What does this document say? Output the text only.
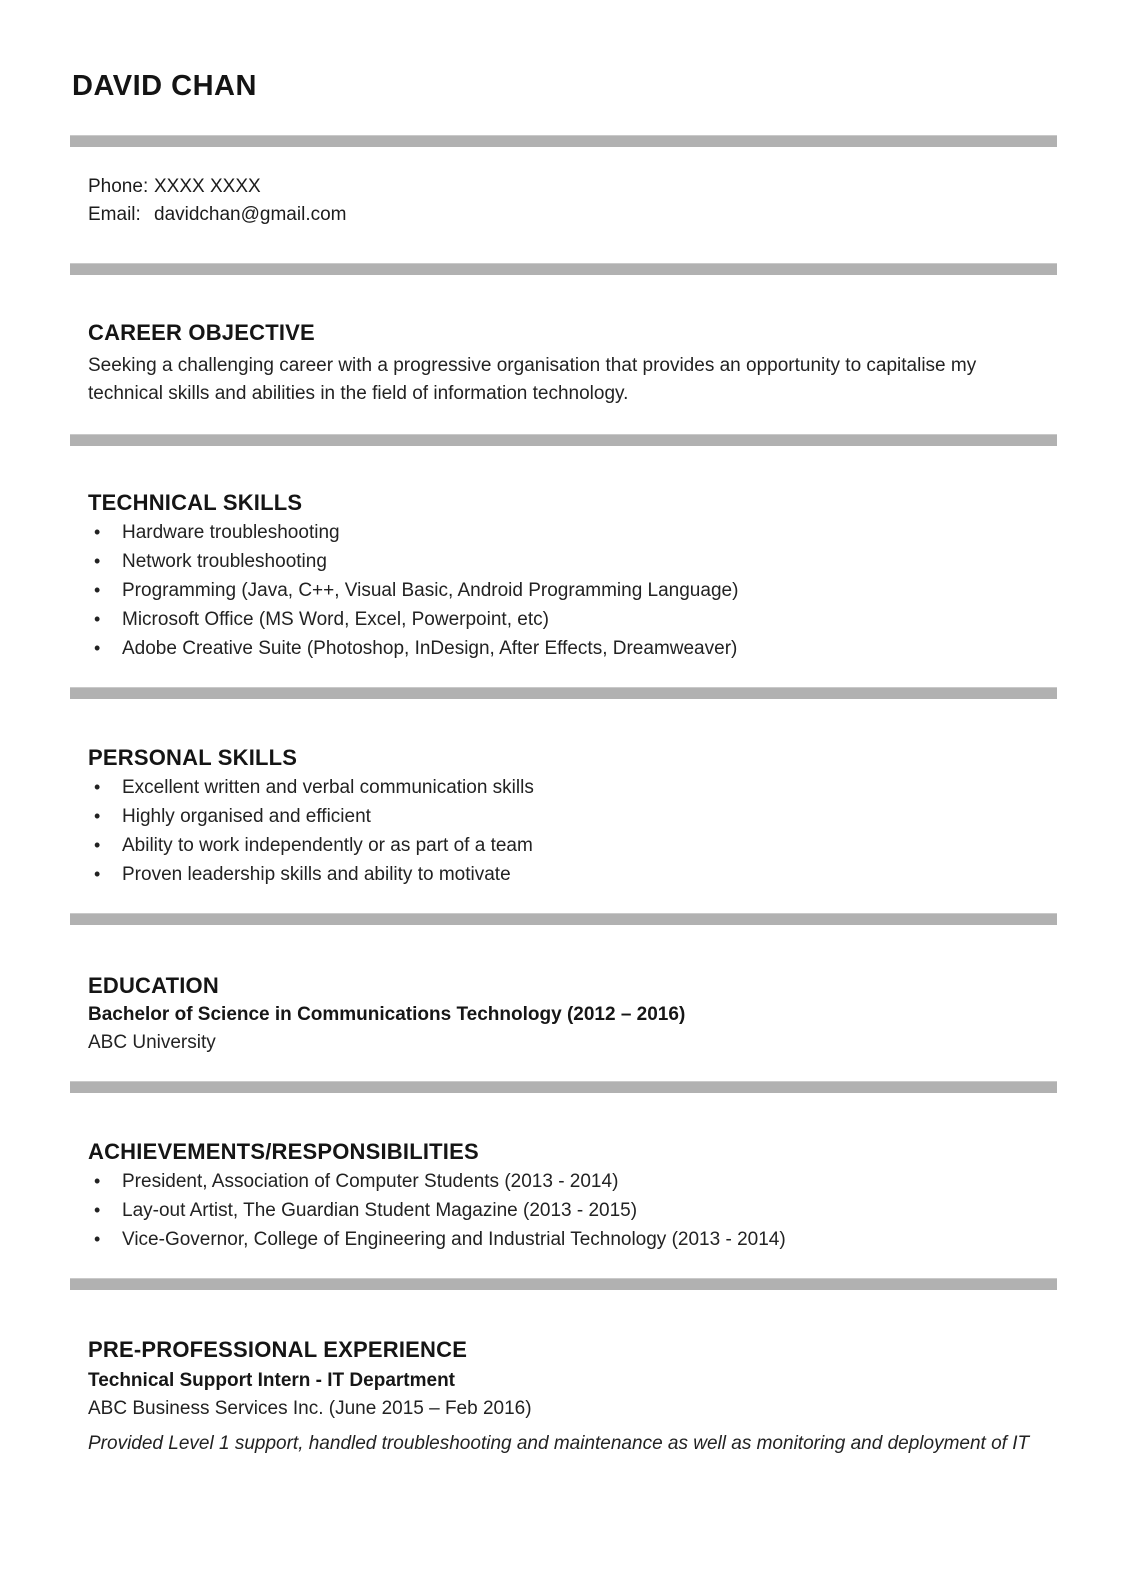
DAVID CHAN
Phone: XXXX XXXX
Email: davidchan@gmail.com
CAREER OBJECTIVE

Seeking a challenging career with a progressive organisation that provides an opportunity to capitalise my technical skills and abilities in the field of information technology.

TECHNICAL SKILLS
•	Hardware troubleshooting
•	Network troubleshooting
•	Programming (Java, C++, Visual Basic, Android Programming Language)
•	Microsoft Office (MS Word, Excel, Powerpoint, etc)
•	Adobe Creative Suite (Photoshop, InDesign, After Effects, Dreamweaver)
PERSONAL SKILLS
•	Excellent written and verbal communication skills
•	Highly organised and efficient
•	Ability to work independently or as part of a team
•	Proven leadership skills and ability to motivate
EDUCATION

Bachelor of Science in Communications Technology (2012 – 2016)

ABC University

ACHIEVEMENTS/RESPONSIBILITIES
•	President, Association of Computer Students (2013 - 2014)
•	Lay-out Artist, The Guardian Student Magazine (2013 - 2015)
•	Vice-Governor, College of Engineering and Industrial Technology (2013 - 2014)
PRE-PROFESSIONAL EXPERIENCE

Technical Support Intern - IT Department

ABC Business Services Inc. (June 2015 – Feb 2016)

Provided Level 1 support, handled troubleshooting and maintenance as well as monitoring and deployment of IT
